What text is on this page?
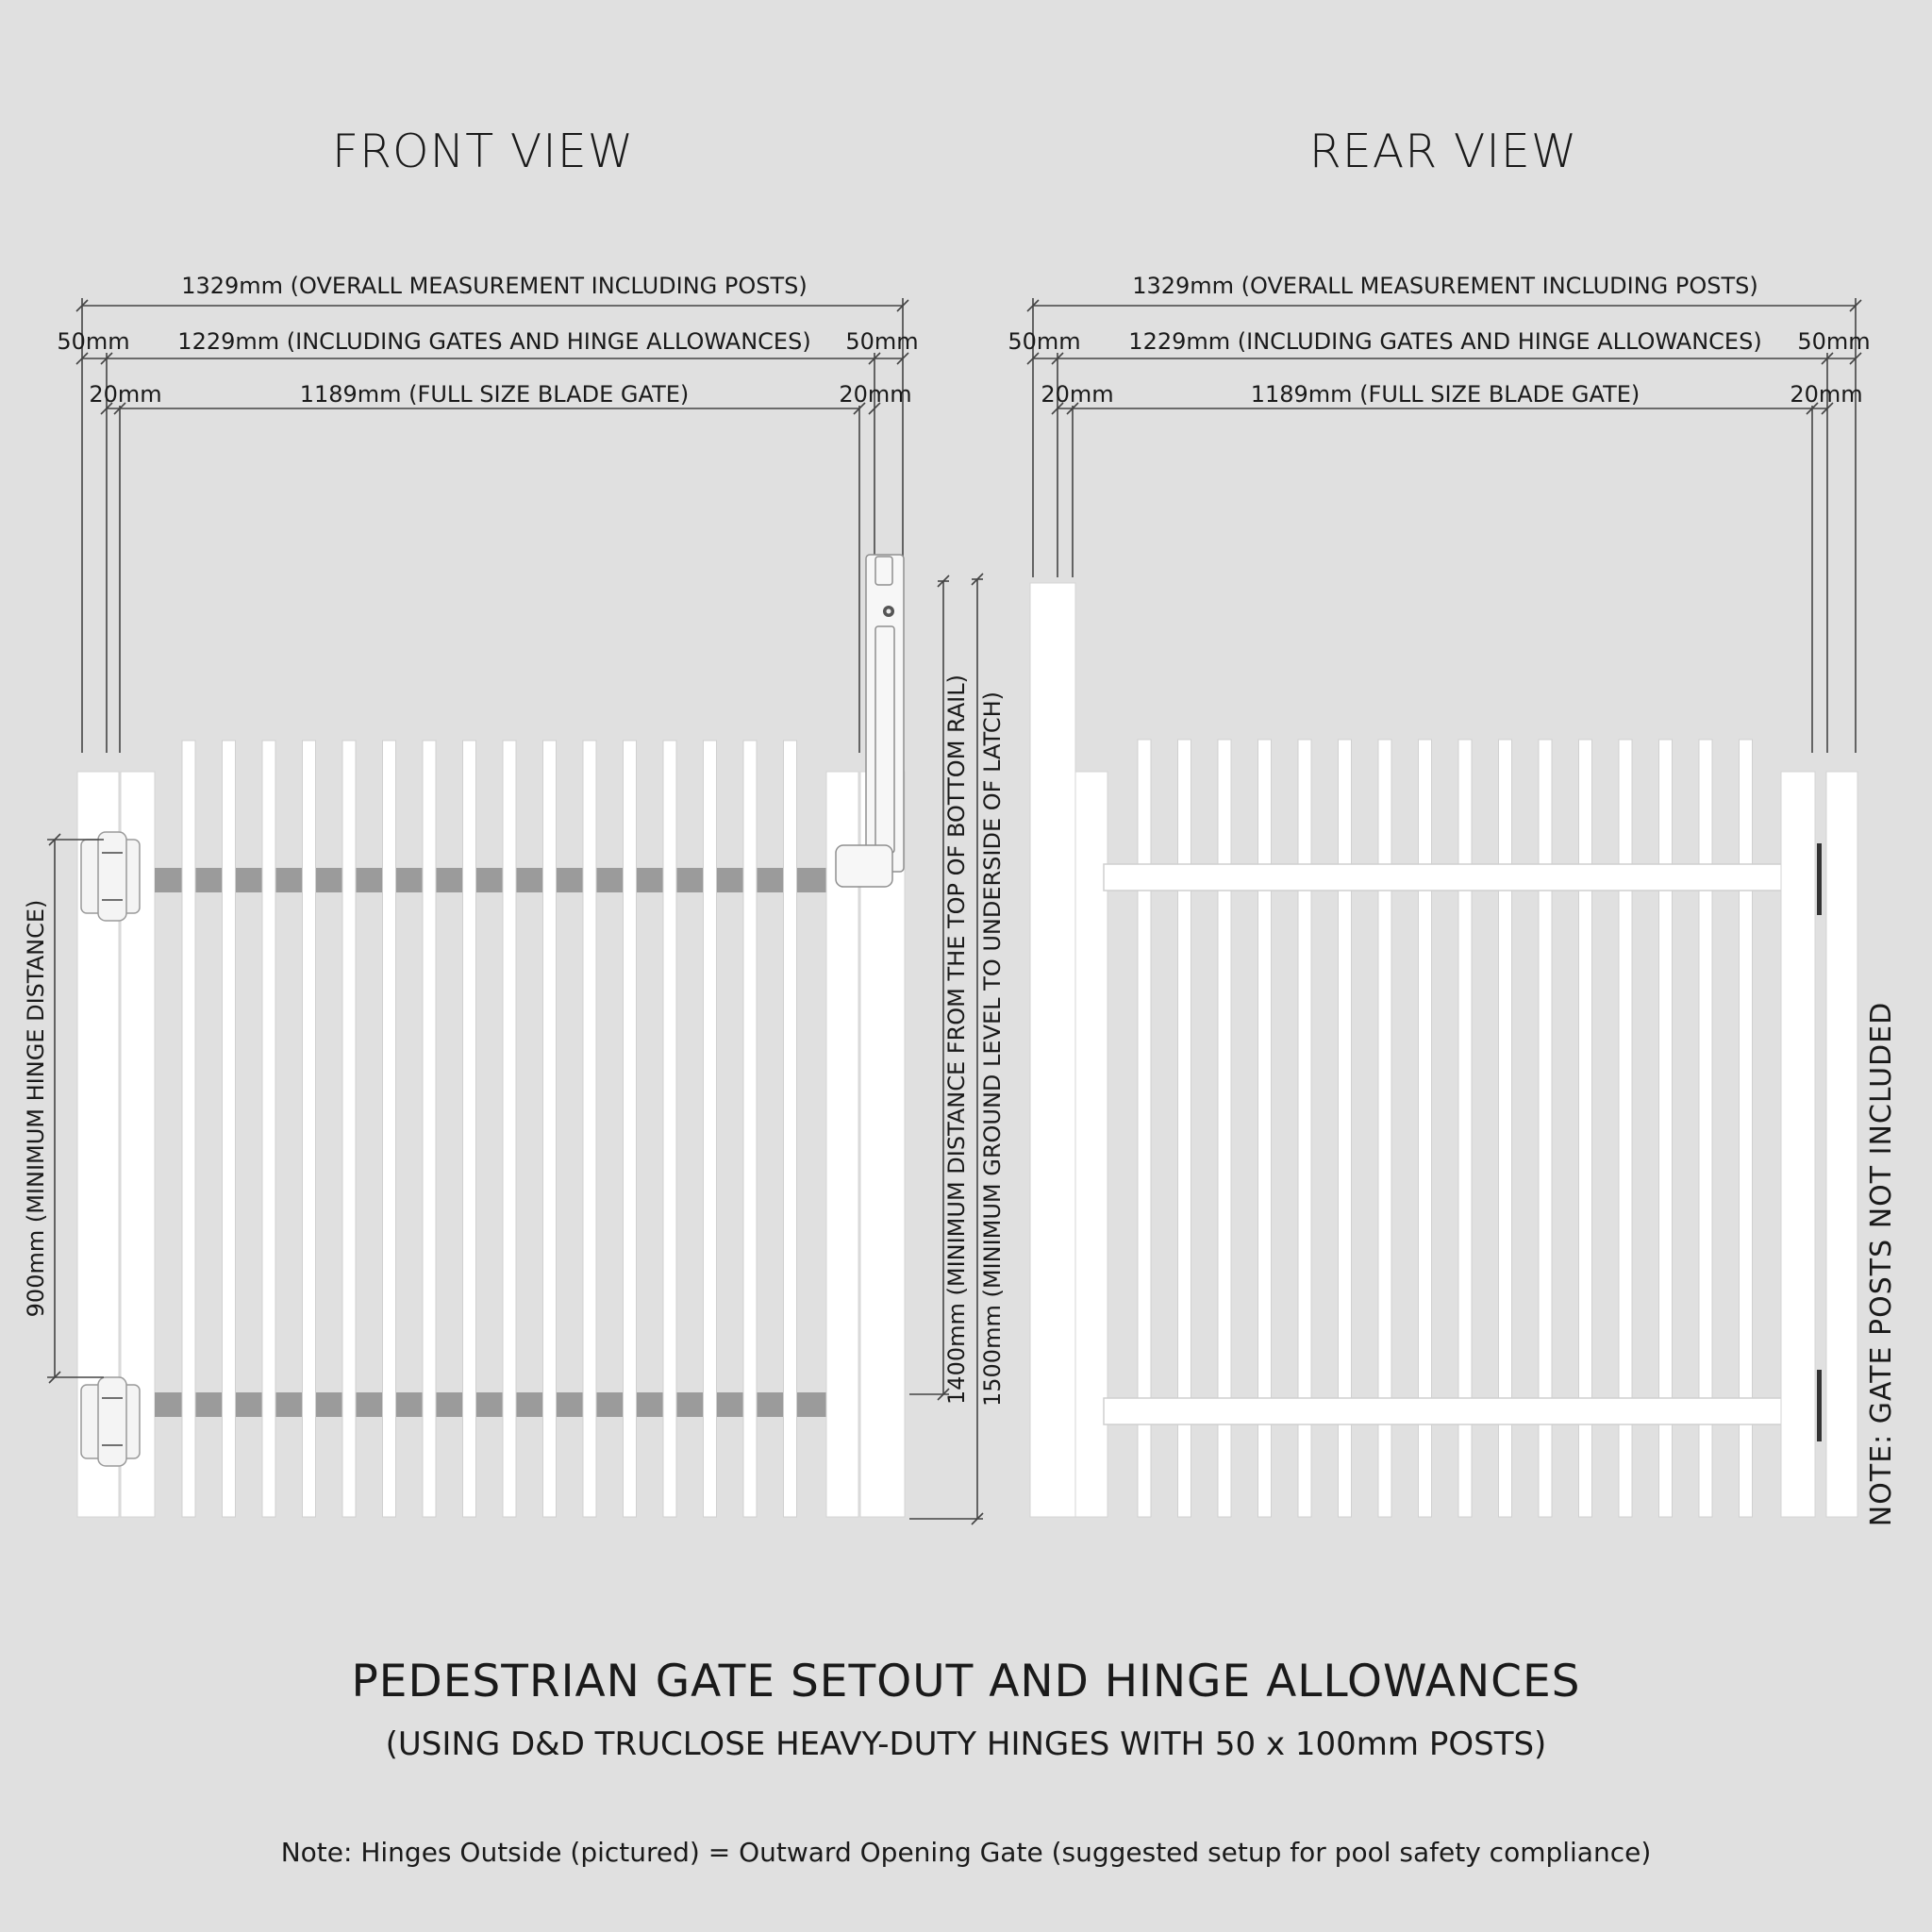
FRONT VIEW	REAR VIEW
1329mm (OVERALL MEASUREMENT INCLUDING POSTS)
50mm 1229mm (INCLUDING GATES AND HINGE ALLOWANCES) 50mm
20mm	1189mm (FULL SIZE BLADE GATE)	20mm
1329mm (OVERALL MEASUREMENT INCLUDING POSTS)
50mm 1229mm (INCLUDING GATES AND HINGE ALLOWANCES) 50mm
20mm	1189mm (FULL SIZE BLADE GATE)	20mm
900mm (MINIMUM HINGE DISTANCE)	1400mm (MINIMUM DISTANCE FROM THE TOP OF BOTTOM RAIL) 1500mm (MINIMUM GROUND LEVEL TO UNDERSIDE OF LATCH)	NOTE: GATE POSTS NOT INCLUDED
PEDESTRIAN GATE SETOUT AND HINGE ALLOWANCES
(USING D&D TRUCLOSE HEAVY-DUTY HINGES WITH 50 x 100mm POSTS)
Note: Hinges Outside (pictured) = Outward Opening Gate (suggested setup for pool safety compliance)
